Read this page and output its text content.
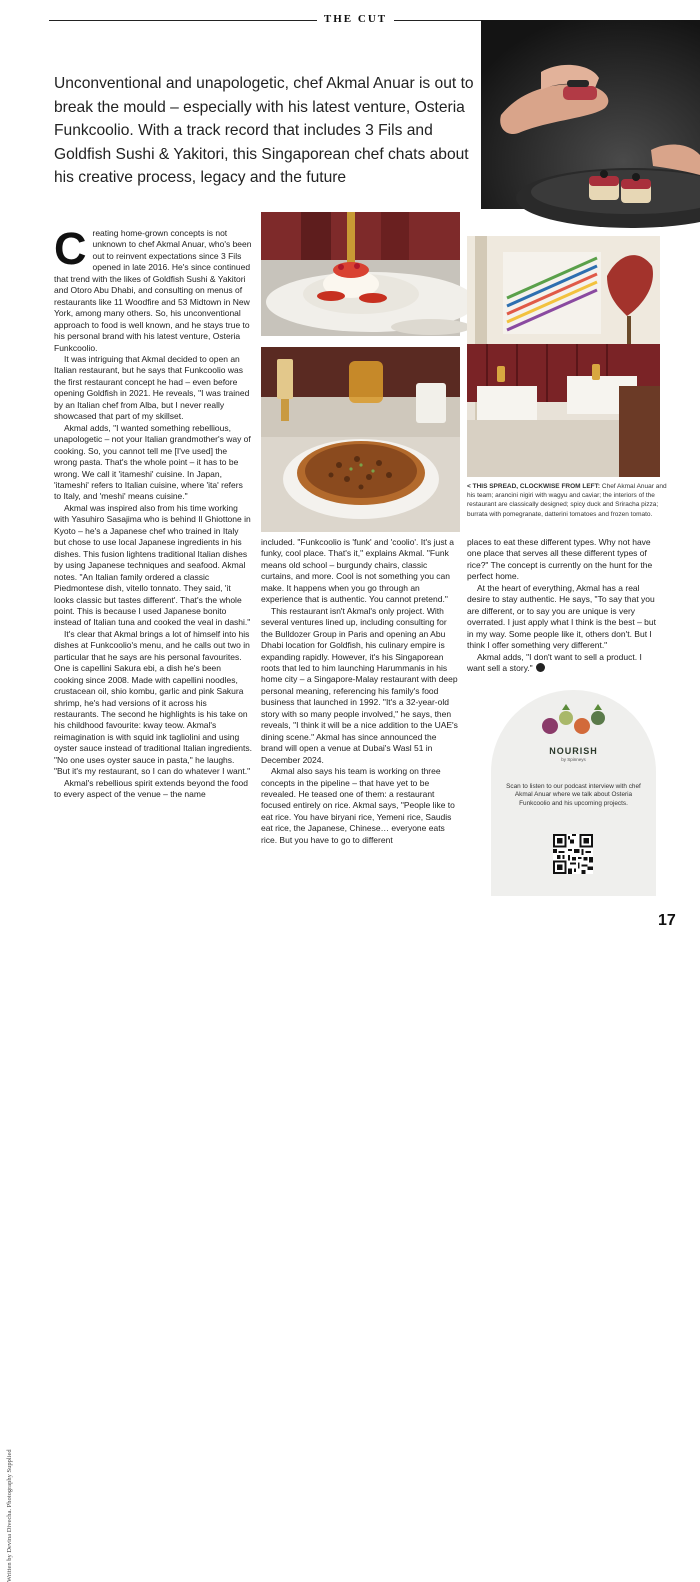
THE CUT
Unconventional and unapologetic, chef Akmal Anuar is out to break the mould – especially with his latest venture, Osteria Funkcoolio. With a track record that includes 3 Fils and Goldfish Sushi & Yakitori, this Singaporean chef chats about his creative process, legacy and the future

C reating home-grown concepts is not unknown to chef Akmal Anuar, who's been out to reinvent expectations since 3 Fils opened in late 2016. He's since continued that trend with the likes of Goldfish Sushi & Yakitori and Otoro Abu Dhabi, and consulting on menus of restaurants like 11 Woodfire and 53 Midtown in New York, among many others. So, his unconventional approach to food is well known, and he stays true to his personal brand with his latest venture, Osteria Funkcoolio.

It was intriguing that Akmal decided to open an Italian restaurant, but he says that Funkcoolio was the first restaurant concept he had – even before opening Goldfish in 2021. He reveals, "I was trained by an Italian chef from Alba, but I never really showcased that part of my skillset.

Akmal adds, "I wanted something rebellious, unapologetic – not your Italian grandmother's way of cooking. So, you cannot tell me [I've used] the wrong pasta. That's the whole point – it has to be wrong. We call it 'itameshi' cuisine. In Japan, 'itameshi' refers to Italian cuisine, where 'ita' refers to Italy, and 'meshi' means cuisine."

Akmal was inspired also from his time working with Yasuhiro Sasajima who is behind Il Ghiottone in Kyoto – he's a Japanese chef who trained in Italy but chose to use local Japanese ingredients in his dishes. This fusion lightens traditional Italian dishes by using Japanese techniques and seafood. Akmal notes. "An Italian family ordered a classic Piedmontese dish, vitello tonnato. They said, 'it looks classic but tastes different'. That's the whole point. This is because I used Japanese bonito instead of Italian tuna and cooked the veal in dashi."

It's clear that Akmal brings a lot of himself into his dishes at Funkcoolio's menu, and he calls out two in particular that he says are his personal favourites. One is capellini Sakura ebi, a dish he's been cooking since 2008. Made with capellini noodles, crustacean oil, shio kombu, garlic and pink Sakura shrimp, he's had versions of it across his restaurants. The second he highlights is his take on his childhood favourite: kway teow. Akmal's reimagination is with squid ink tagliolini and using oyster sauce instead of traditional Italian ingredients. "No one uses oyster sauce in pasta," he laughs. "But it's my restaurant, so I can do whatever I want."

Akmal's rebellious spirit extends beyond the food to every aspect of the venue – the name

included. "Funkcoolio is 'funk' and 'coolio'. It's just a funky, cool place. That's it," explains Akmal. "Funk means old school – burgundy chairs, classic curtains, and more. Cool is not something you can make. It happens when you go through an experience that is authentic. You cannot pretend."

This restaurant isn't Akmal's only project. With several ventures lined up, including consulting for the Bulldozer Group in Paris and opening an Abu Dhabi location for Goldfish, his culinary empire is expanding rapidly. However, it's his Singaporean roots that led to him launching Harummanis in his home city – a Singapore-Malay restaurant with deep personal meaning, referencing his family's food business that launched in 1992. "It's a 32-year-old story with so many people involved," he says, then reveals, "I think it will be a nice addition to the UAE's dining scene." Akmal has since announced the brand will open a venue at Dubai's Wasl 51 in December 2024.

Akmal also says his team is working on three concepts in the pipeline – that have yet to be revealed. He teased one of them: a restaurant focused entirely on rice. Akmal says, "People like to eat rice. You have biryani rice, Yemeni rice, Saudis eat rice, the Japanese, Chinese… everyone eats rice. But you have to go to different

< THIS SPREAD, CLOCKWISE FROM LEFT: Chef Akmal Anuar and his team; arancini nigiri with wagyu and caviar; the interiors of the restaurant are classically designed; spicy duck and Sriracha pizza; burrata with pomegranate, datterini tomatoes and frozen tomato.

places to eat these different types. Why not have one place that serves all these different types of rice?" The concept is currently on the hunt for the perfect home.

At the heart of everything, Akmal has a real desire to stay authentic. He says, "To say that you are different, or to say you are unique is very overrated. I just apply what I think is the best – but in my way. Some people like it, others don't. But I think I offer something very different."

Akmal adds, "I don't want to sell a product. I want sell a story."

NOURISH
by Spinneys
Scan to listen to our podcast interview with chef Akmal Anuar where we talk about Osteria Funkcoolio and his upcoming projects.
Written by Devina Divecha. Photography Supplied
17
